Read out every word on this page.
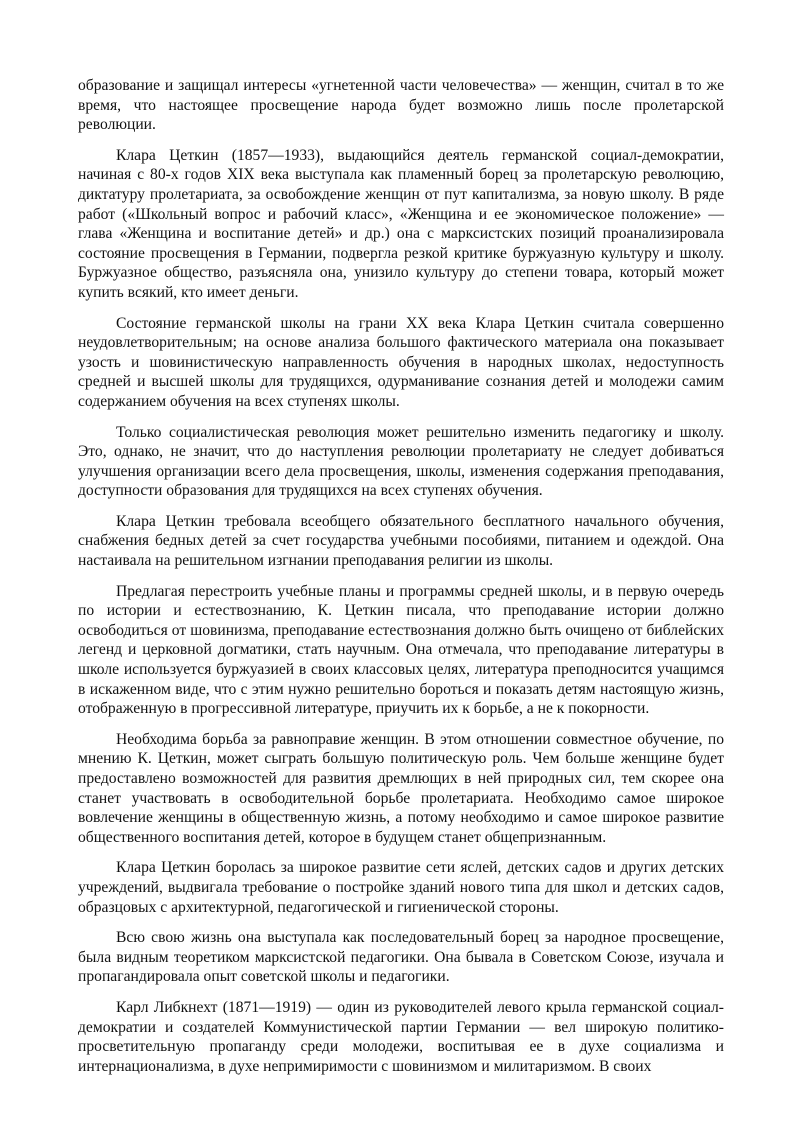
образование и защищал интересы «угнетенной части человечества» — женщин, считал в то же время, что настоящее просвещение народа будет возможно лишь после пролетарской революции.

Клара Цеткин (1857—1933), выдающийся деятель германской социал-демократии, начиная с 80-х годов XIX века выступала как пламенный борец за пролетарскую революцию, диктатуру пролетариата, за освобождение женщин от пут капитализма, за новую школу. В ряде работ («Школьный вопрос и рабочий класс», «Женщина и ее экономическое положение» — глава «Женщина и воспитание детей» и др.) она с марксистских позиций проанализировала состояние просвещения в Германии, подвергла резкой критике буржуазную культуру и школу. Буржуазное общество, разъясняла она, унизило культуру до степени товара, который может купить всякий, кто имеет деньги.

Состояние германской школы на грани XX века Клара Цеткин считала совершенно неудовлетворительным; на основе анализа большого фактического материала она показывает узость и шовинистическую направленность обучения в народных школах, недоступность средней и высшей школы для трудящихся, одурманивание сознания детей и молодежи самим содержанием обучения на всех ступенях школы.

Только социалистическая революция может решительно изменить педагогику и школу. Это, однако, не значит, что до наступления революции пролетариату не следует добиваться улучшения организации всего дела просвещения, школы, изменения содержания преподавания, доступности образования для трудящихся на всех ступенях обучения.

Клара Цеткин требовала всеобщего обязательного бесплатного начального обучения, снабжения бедных детей за счет государства учебными пособиями, питанием и одеждой. Она настаивала на решительном изгнании преподавания религии из школы.

Предлагая перестроить учебные планы и программы средней школы, и в первую очередь по истории и естествознанию, К. Цеткин писала, что преподавание истории должно освободиться от шовинизма, преподавание естествознания должно быть очищено от библейских легенд и церковной догматики, стать научным. Она отмечала, что преподавание литературы в школе используется буржуазией в своих классовых целях, литература преподносится учащимся в искаженном виде, что с этим нужно решительно бороться и показать детям настоящую жизнь, отображенную в прогрессивной литературе, приучить их к борьбе, а не к покорности.

Необходима борьба за равноправие женщин. В этом отношении совместное обучение, по мнению К. Цеткин, может сыграть большую политическую роль. Чем больше женщине будет предоставлено возможностей для развития дремлющих в ней природных сил, тем скорее она станет участвовать в освободительной борьбе пролетариата. Необходимо самое широкое вовлечение женщины в общественную жизнь, а потому необходимо и самое широкое развитие общественного воспитания детей, которое в будущем станет общепризнанным.

Клара Цеткин боролась за широкое развитие сети яслей, детских садов и других детских учреждений, выдвигала требование о постройке зданий нового типа для школ и детских садов, образцовых с архитектурной, педагогической и гигиенической стороны.

Всю свою жизнь она выступала как последовательный борец за народное просвещение, была видным теоретиком марксистской педагогики. Она бывала в Советском Союзе, изучала и пропагандировала опыт советской школы и педагогики.

Карл Либкнехт (1871—1919) — один из руководителей левого крыла германской социал-демократии и создателей Коммунистической партии Германии — вел широкую политико-просветительную пропаганду среди молодежи, воспитывая ее в духе социализма и интернационализма, в духе непримиримости с шовинизмом и милитаризмом. В своих
